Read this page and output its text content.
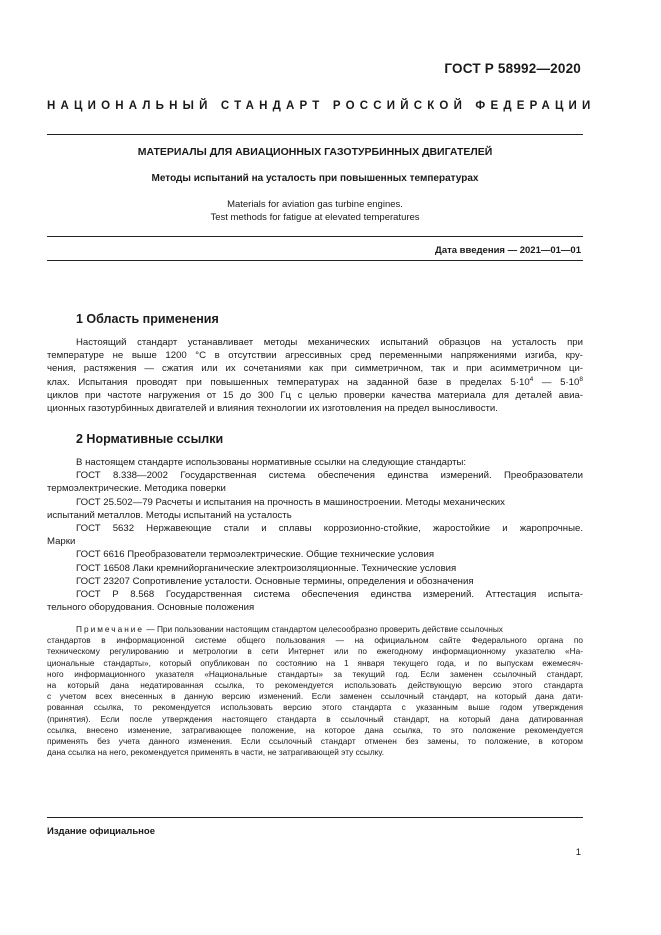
ГОСТ Р 58992—2020
НАЦИОНАЛЬНЫЙ СТАНДАРТ РОССИЙСКОЙ ФЕДЕРАЦИИ
МАТЕРИАЛЫ ДЛЯ АВИАЦИОННЫХ ГАЗОТУРБИННЫХ ДВИГАТЕЛЕЙ
Методы испытаний на усталость при повышенных температурах
Materials for aviation gas turbine engines.
Test methods for fatigue at elevated temperatures
Дата введения — 2021—01—01
1 Область применения
Настоящий стандарт устанавливает методы механических испытаний образцов на усталость при
температуре не выше 1200 °С в отсутствии агрессивных сред переменными напряжениями изгиба, кру-
чения, растяжения — сжатия или их сочетаниями как при симметричном, так и при асимметричном ци-
клах. Испытания проводят при повышенных температурах на заданной базе в пределах $5\cdot 10^4$ — $5\cdot 10^8$
циклов при частоте нагружения от 15 до 300 Гц с целью проверки качества материала для деталей авиа-
ционных газотурбинных двигателей и влияния технологии их изготовления на предел выносливости.
2 Нормативные ссылки
В настоящем стандарте использованы нормативные ссылки на следующие стандарты:
ГОСТ 8.338—2002 Государственная система обеспечения единства измерений. Преобразователи
термоэлектрические. Методика поверки
ГОСТ 25.502—79 Расчеты и испытания на прочность в машиностроении. Методы механических
испытаний металлов. Методы испытаний на усталость
ГОСТ 5632 Нержавеющие стали и сплавы коррозионно-стойкие, жаростойкие и жаропрочные.
Марки
ГОСТ 6616 Преобразователи термоэлектрические. Общие технические условия
ГОСТ 16508 Лаки кремнийорганические электроизоляционные. Технические условия
ГОСТ 23207 Сопротивление усталости. Основные термины, определения и обозначения
ГОСТ Р 8.568 Государственная система обеспечения единства измерений. Аттестация испыта-
тельного оборудования. Основные положения
Примечание — При пользовании настоящим стандартом целесообразно проверить действие ссылочных
стандартов в информационной системе общего пользования — на официальном сайте Федерального органа по
техническому регулированию и метрологии в сети Интернет или по ежегодному информационному указателю «На-
циональные стандарты», который опубликован по состоянию на 1 января текущего года, и по выпускам ежемесяч-
ного информационного указателя «Национальные стандарты» за текущий год. Если заменен ссылочный стандарт,
на который дана недатированная ссылка, то рекомендуется использовать действующую версию этого стандарта
с учетом всех внесенных в данную версию изменений. Если заменен ссылочный стандарт, на который дана дати-
рованная ссылка, то рекомендуется использовать версию этого стандарта с указанным выше годом утверждения
(принятия). Если после утверждения настоящего стандарта в ссылочный стандарт, на который дана датированная
ссылка, внесено изменение, затрагивающее положение, на которое дана ссылка, то это положение рекомендуется
применять без учета данного изменения. Если ссылочный стандарт отменен без замены, то положение, в котором
дана ссылка на него, рекомендуется применять в части, не затрагивающей эту ссылку.
Издание официальное
1
